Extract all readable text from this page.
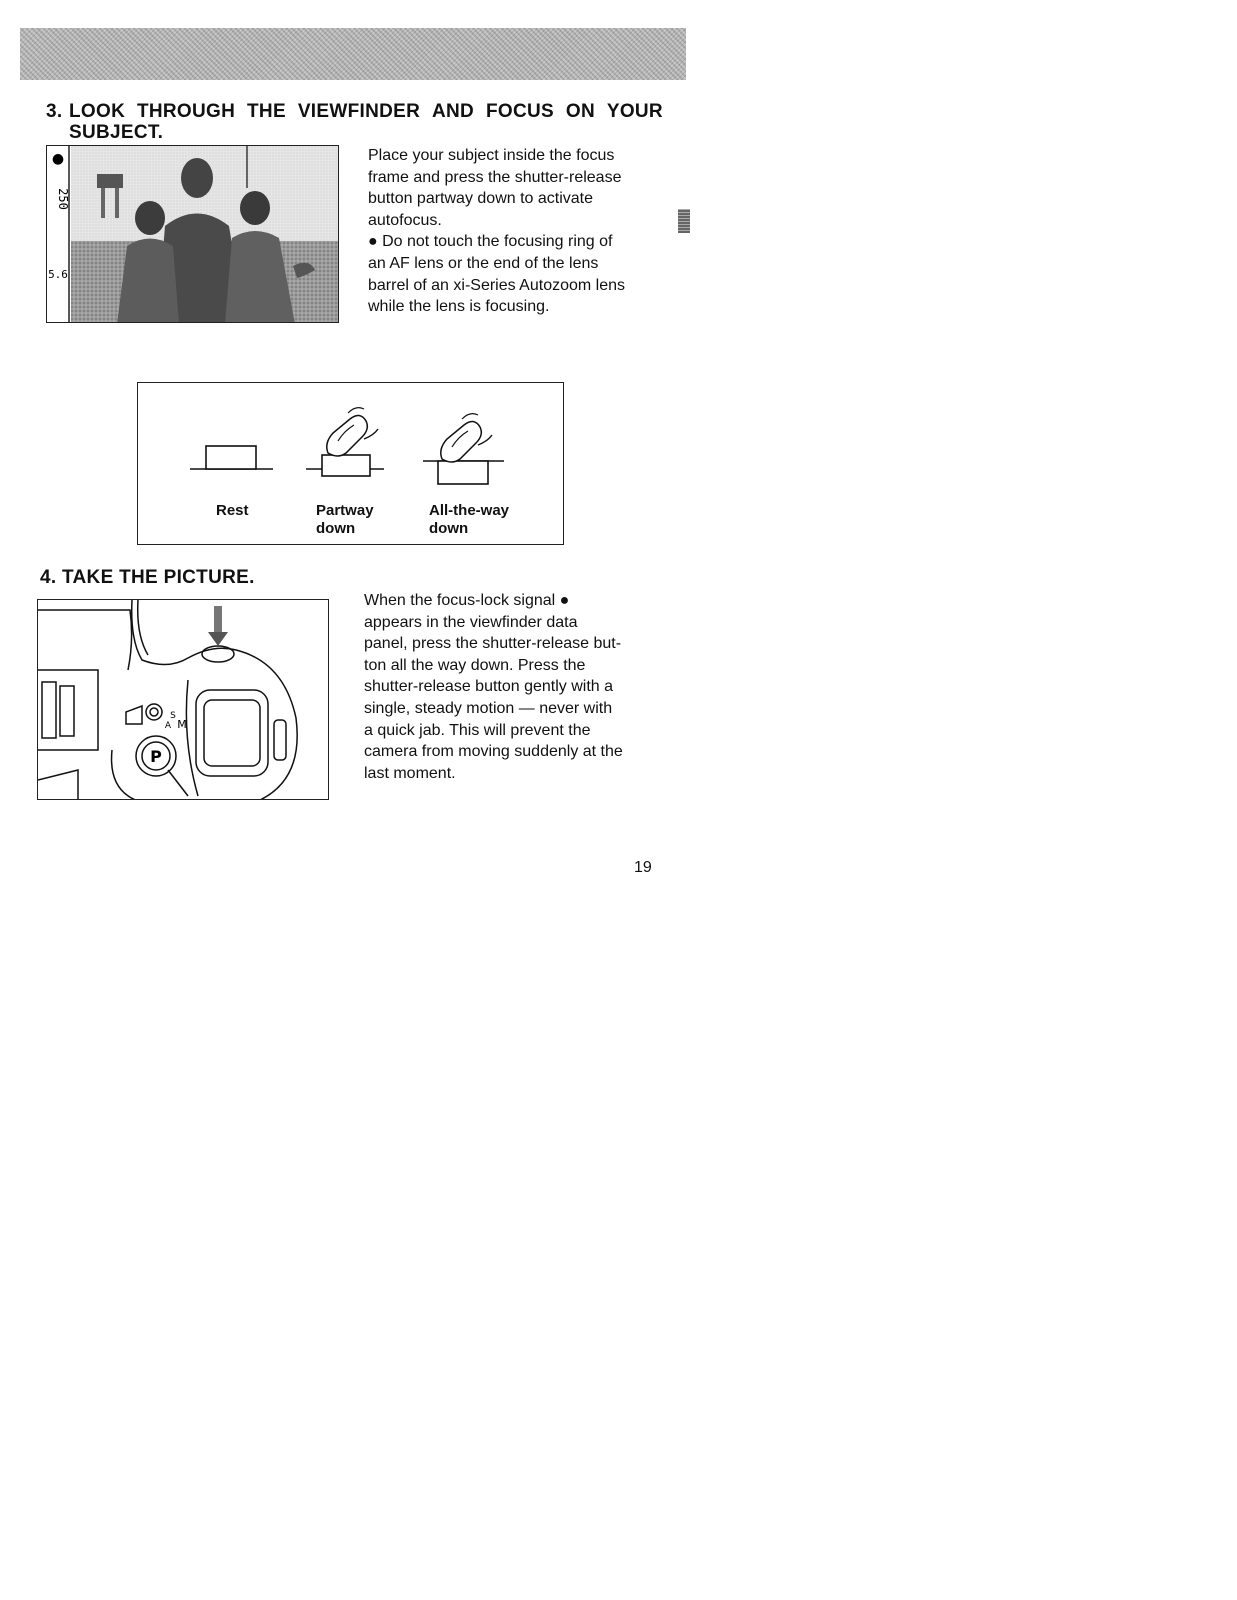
3. LOOK THROUGH THE VIEWFINDER AND FOCUS ON YOUR
SUBJECT.
●
250
5.6

Place your subject inside the focus

frame and press the shutter-release

button partway down to activate

autofocus.

● Do not touch the focusing ring of

an AF lens or the end of the lens

barrel of an xi-Series Autozoom lens

while the lens is focusing.

Rest	Partway
down
All-the-way
down
4. TAKE THE PICTURE.
P
A
S
M

When the focus-lock signal ●

appears in the viewfinder data

panel, press the shutter-release but-

ton all the way down. Press the

shutter-release button gently with a

single, steady motion — never with

a quick jab. This will prevent the

camera from moving suddenly at the

last moment.

19
